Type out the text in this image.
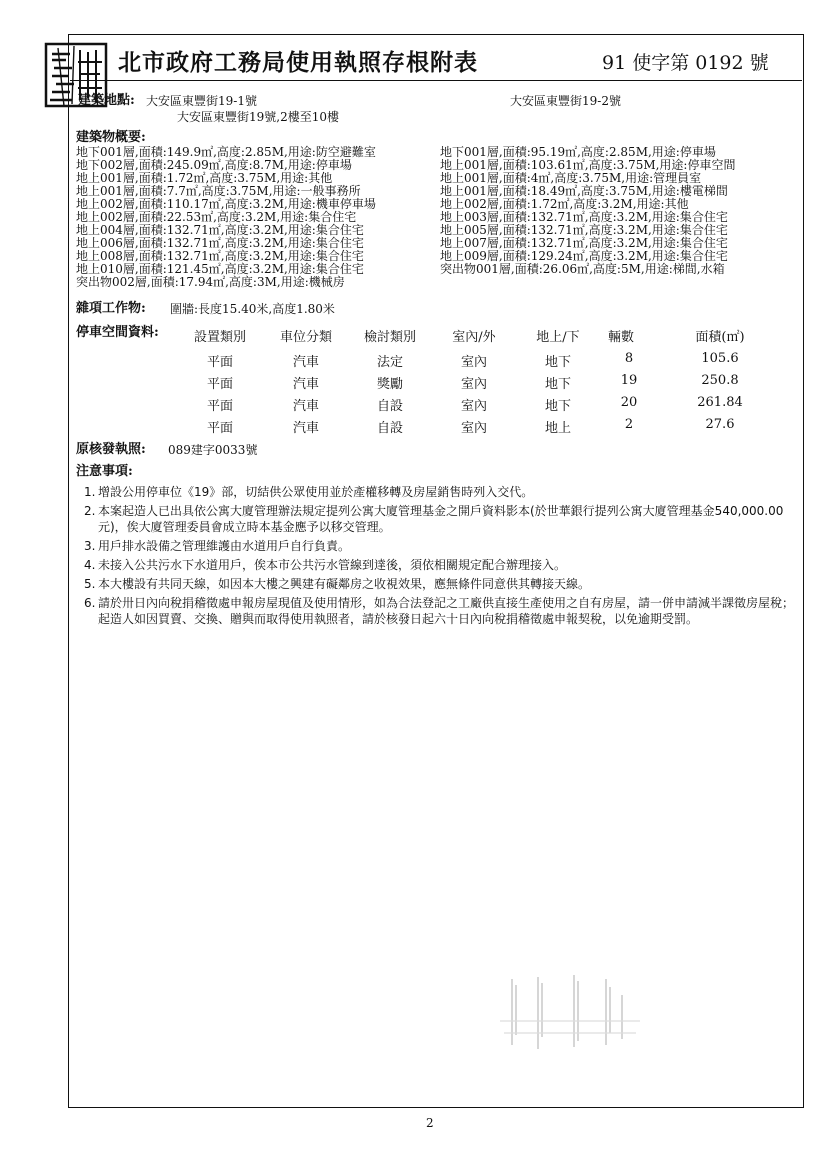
北市政府工務局使用執照存根附表	91 使字第 0192 號
建築地點: 大安區東豐街19-1號
大安區東豐街19號,2樓至10樓
大安區東豐街19-2號
建築物概要:
地下001層,面積:149.9㎡,高度:2.85M,用途:防空避難室
地下002層,面積:245.09㎡,高度:8.7M,用途:停車場
地上001層,面積:1.72㎡,高度:3.75M,用途:其他
地上001層,面積:7.7㎡,高度:3.75M,用途:一般事務所
地上002層,面積:110.17㎡,高度:3.2M,用途:機車停車場
地上002層,面積:22.53㎡,高度:3.2M,用途:集合住宅
地上004層,面積:132.71㎡,高度:3.2M,用途:集合住宅
地上006層,面積:132.71㎡,高度:3.2M,用途:集合住宅
地上008層,面積:132.71㎡,高度:3.2M,用途:集合住宅
地上010層,面積:121.45㎡,高度:3.2M,用途:集合住宅
突出物002層,面積:17.94㎡,高度:3M,用途:機械房
地下001層,面積:95.19㎡,高度:2.85M,用途:停車場
地上001層,面積:103.61㎡,高度:3.75M,用途:停車空間
地上001層,面積:4㎡,高度:3.75M,用途:管理員室
地上001層,面積:18.49㎡,高度:3.75M,用途:樓電梯間
地上002層,面積:1.72㎡,高度:3.2M,用途:其他
地上003層,面積:132.71㎡,高度:3.2M,用途:集合住宅
地上005層,面積:132.71㎡,高度:3.2M,用途:集合住宅
地上007層,面積:132.71㎡,高度:3.2M,用途:集合住宅
地上009層,面積:129.24㎡,高度:3.2M,用途:集合住宅
突出物001層,面積:26.06㎡,高度:5M,用途:梯間,水箱
雜項工作物: 圍牆:長度15.40米,高度1.80米
停車空間資料:	設置類別	車位分類	檢討類別	室內/外	地上/下	輛數	面積(㎡)
平面	汽車	法定	室內	地下	8	105.6
平面	汽車	獎勵	室內	地下	19	250.8
平面	汽車	自設	室內	地下	20	261.84
平面	汽車	自設	室內	地上	2	27.6
原核發執照: 089建字0033號
注意事項:
1. 增設公用停車位《19》部，切結供公眾使用並於產權移轉及房屋銷售時列入交代。
2. 本案起造人已出具依公寓大廈管理辦法規定提列公寓大廈管理基金之開戶資料影本(於世華銀行提列公寓大廈管理基金540,000.00元)，俟大廈管理委員會成立時本基金應予以移交管理。
3. 用戶排水設備之管理維護由水道用戶自行負責。
4. 未接入公共污水下水道用戶，俟本市公共污水管線到達後，須依相關規定配合辦理接入。
5. 本大樓設有共同天線，如因本大樓之興建有礙鄰房之收視效果，應無條件同意供其轉接天線。
6. 請於卅日內向稅捐稽徵處申報房屋現值及使用情形，如為合法登記之工廠供直接生產使用之自有房屋，請一併申請減半課徵房屋稅；起造人如因買賣、交換、贈與而取得使用執照者，請於核發日起六十日內向稅捐稽徵處申報契稅，以免逾期受罰。
2
